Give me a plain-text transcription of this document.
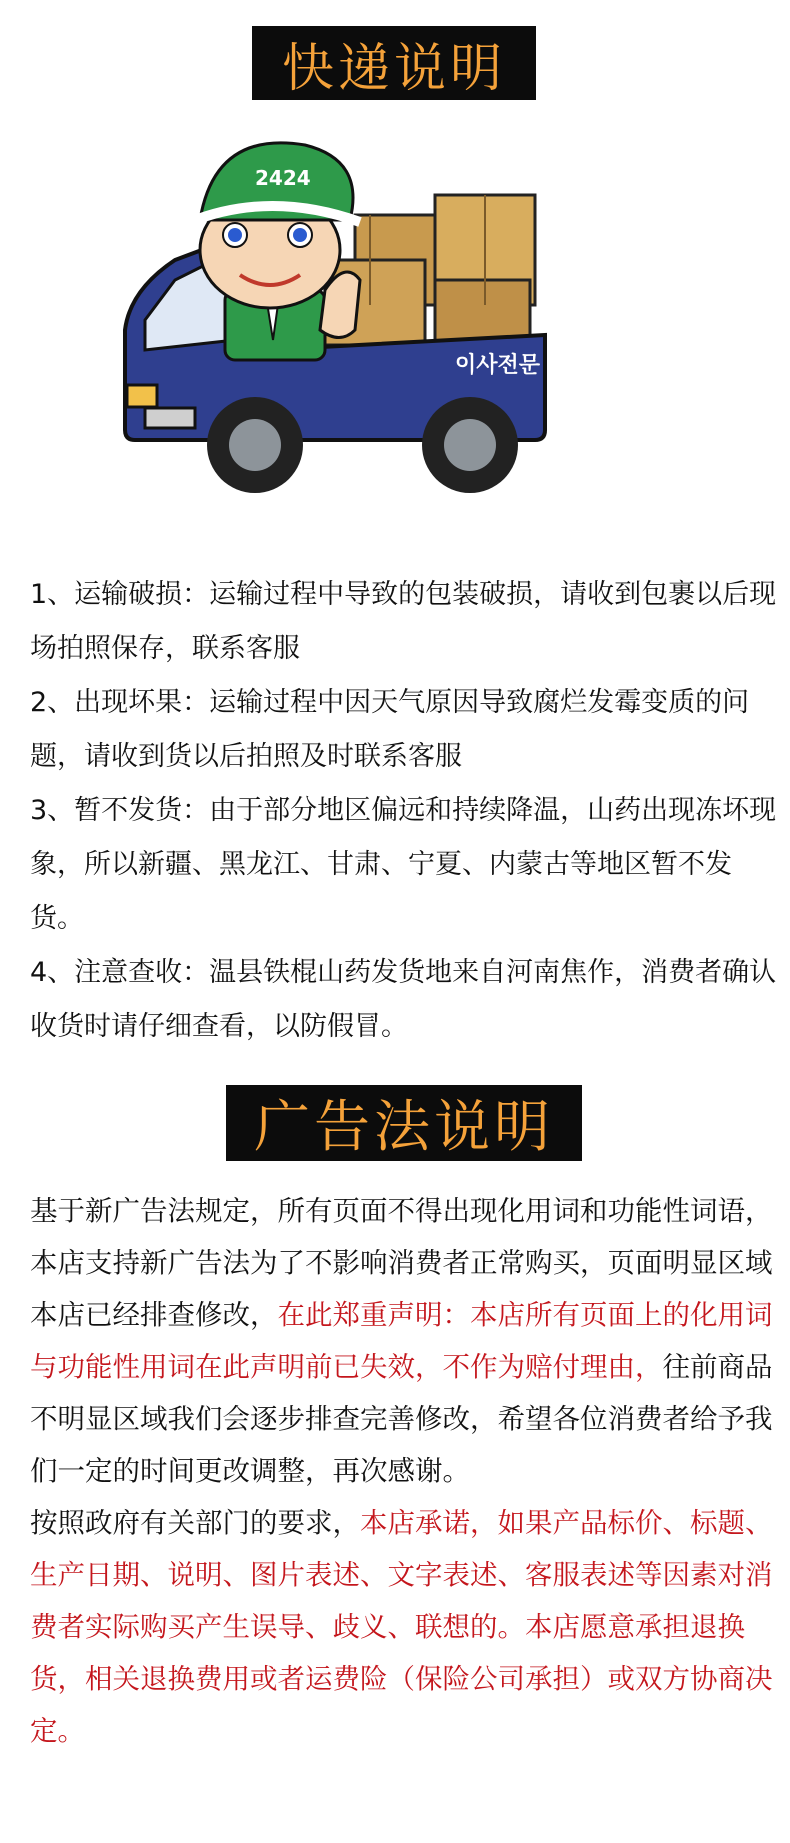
快递说明
이사전문
2424

1、运输破损：运输过程中导致的包装破损，请收到包裹以后现场拍照保存，联系客服

2、出现坏果：运输过程中因天气原因导致腐烂发霉变质的问题，请收到货以后拍照及时联系客服

3、暂不发货：由于部分地区偏远和持续降温，山药出现冻坏现象，所以新疆、黑龙江、甘肃、宁夏、内蒙古等地区暂不发货。

4、注意查收：温县铁棍山药发货地来自河南焦作，消费者确认收货时请仔细查看，以防假冒。

广告法说明

基于新广告法规定，所有页面不得出现化用词和功能性词语，本店支持新广告法为了不影响消费者正常购买，页面明显区域本店已经排查修改，在此郑重声明：本店所有页面上的化用词与功能性用词在此声明前已失效，不作为赔付理由，往前商品不明显区域我们会逐步排查完善修改，希望各位消费者给予我们一定的时间更改调整，再次感谢。

按照政府有关部门的要求，本店承诺，如果产品标价、标题、生产日期、说明、图片表述、文字表述、客服表述等因素对消费者实际购买产生误导、歧义、联想的。本店愿意承担退换货，相关退换费用或者运费险（保险公司承担）或双方协商决定。
